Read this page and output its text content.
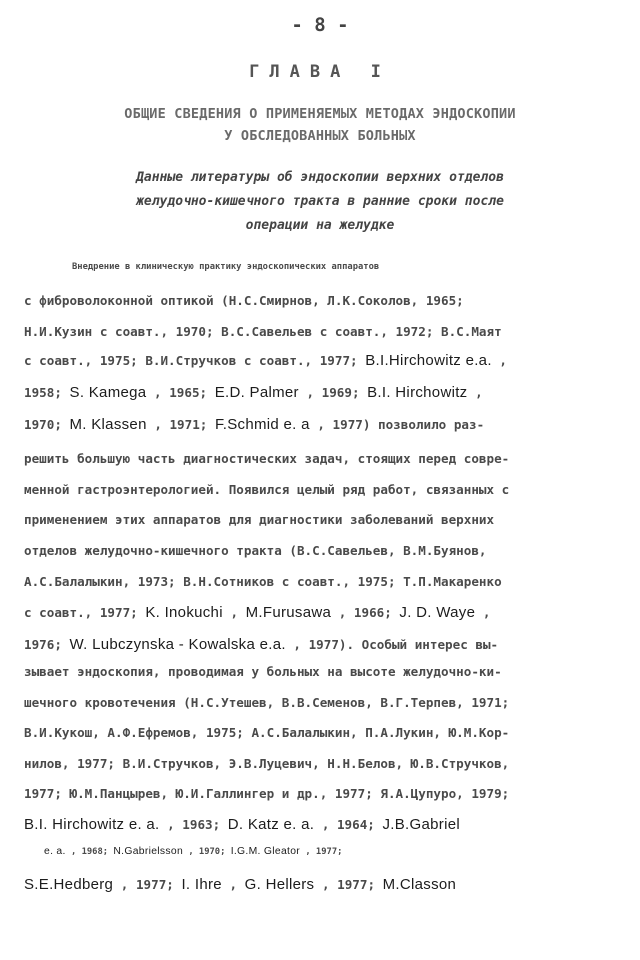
- 8 -
ГЛАВА I
ОБЩИЕ СВЕДЕНИЯ О ПРИМЕНЯЕМЫХ МЕТОДАХ ЭНДОСКОПИИ
У ОБСЛЕДОВАННЫХ БОЛЬНЫХ
Данные литературы об эндоскопии верхних отделов
желудочно-кишечного тракта в ранние сроки после
операции на желудке
Внедрение в клиническую практику эндоскопических аппаратов
с фиброволоконной оптикой (Н.С.Смирнов, Л.К.Соколов, 1965;
Н.И.Кузин с соавт., 1970; В.С.Савельев с соавт., 1972; В.С.Маят
с соавт., 1975; В.И.Стручков с соавт., 1977; B.I.Hirchowitz e.a. ,
1958; S. Kamega , 1965; E.D. Palmer , 1969; B.I. Hirchowitz ,
1970; M. Klassen , 1971; F.Schmid e. a , 1977) позволило раз-
решить большую часть диагностических задач, стоящих перед совре-
менной гастроэнтерологией. Появился целый ряд работ, связанных с
применением этих аппаратов для диагностики заболеваний верхних
отделов желудочно-кишечного тракта (В.С.Савельев, В.М.Буянов,
А.С.Балалыкин, 1973; В.Н.Сотников с соавт., 1975; Т.П.Макаренко
с соавт., 1977; K. Inokuchi , M.Furusawa , 1966; J. D. Waye ,
1976; W. Lubczynska - Kowalska e.a. , 1977). Особый интерес вы-
зывает эндоскопия, проводимая у больных на высоте желудочно-ки-
шечного кровотечения (Н.С.Утешев, В.В.Семенов, В.Г.Терпев, 1971;
В.И.Кукош, А.Ф.Ефремов, 1975; А.С.Балалыкин, П.А.Лукин, Ю.М.Кор-
нилов, 1977; В.И.Стручков, Э.В.Луцевич, Н.Н.Белов, Ю.В.Стручков,
1977; Ю.М.Панцырев, Ю.И.Галлингер и др., 1977; Я.А.Цупуро, 1979;
B.I. Hirchowitz e. a. , 1963; D. Katz e. a. , 1964; J.B.Gabriel
e. a. , 1968; N.Gabrielsson , 1970; I.G.M. Gleator , 1977;
S.E.Hedberg , 1977; I. Ihre , G. Hellers , 1977; M.Classon
